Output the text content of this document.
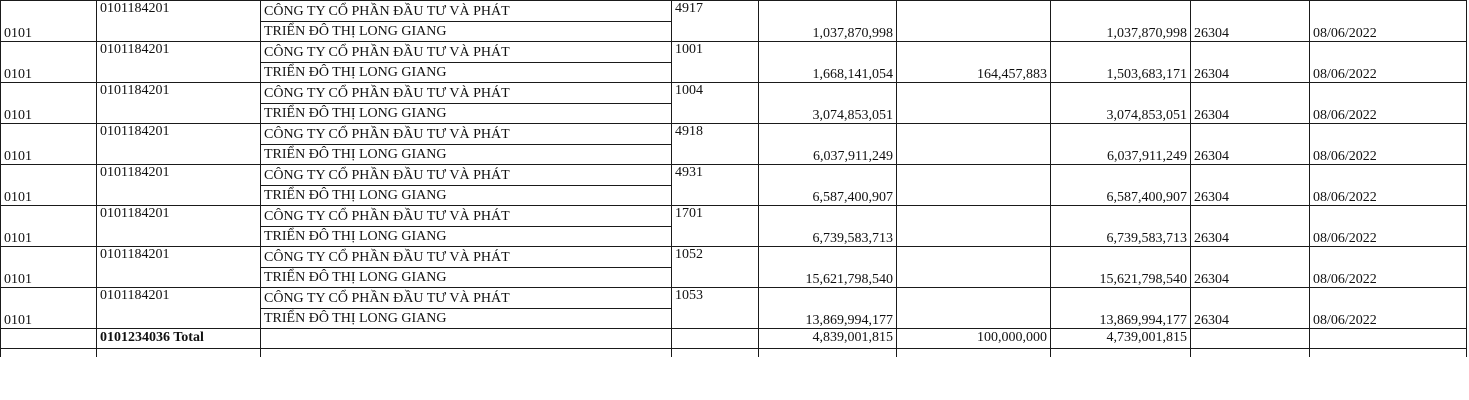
0101	0101184201	CÔNG TY CỔ PHẦN ĐẦU TƯ VÀ PHÁT	4917	1,037,870,998		1,037,870,998	26304	08/06/2022
		TRIỂN ĐÔ THỊ LONG GIANG						
0101	0101184201	CÔNG TY CỔ PHẦN ĐẦU TƯ VÀ PHÁT	1001	1,668,141,054	164,457,883	1,503,683,171	26304	08/06/2022
		TRIỂN ĐÔ THỊ LONG GIANG						
0101	0101184201	CÔNG TY CỔ PHẦN ĐẦU TƯ VÀ PHÁT	1004	3,074,853,051		3,074,853,051	26304	08/06/2022
		TRIỂN ĐÔ THỊ LONG GIANG						
0101	0101184201	CÔNG TY CỔ PHẦN ĐẦU TƯ VÀ PHÁT	4918	6,037,911,249		6,037,911,249	26304	08/06/2022
		TRIỂN ĐÔ THỊ LONG GIANG						
0101	0101184201	CÔNG TY CỔ PHẦN ĐẦU TƯ VÀ PHÁT	4931	6,587,400,907		6,587,400,907	26304	08/06/2022
		TRIỂN ĐÔ THỊ LONG GIANG						
0101	0101184201	CÔNG TY CỔ PHẦN ĐẦU TƯ VÀ PHÁT	1701	6,739,583,713		6,739,583,713	26304	08/06/2022
		TRIỂN ĐÔ THỊ LONG GIANG						
0101	0101184201	CÔNG TY CỔ PHẦN ĐẦU TƯ VÀ PHÁT	1052	15,621,798,540		15,621,798,540	26304	08/06/2022
		TRIỂN ĐÔ THỊ LONG GIANG						
0101	0101184201	CÔNG TY CỔ PHẦN ĐẦU TƯ VÀ PHÁT	1053	13,869,994,177		13,869,994,177	26304	08/06/2022
		TRIỂN ĐÔ THỊ LONG GIANG						
	0101234036 Total			4,839,001,815	100,000,000	4,739,001,815		
